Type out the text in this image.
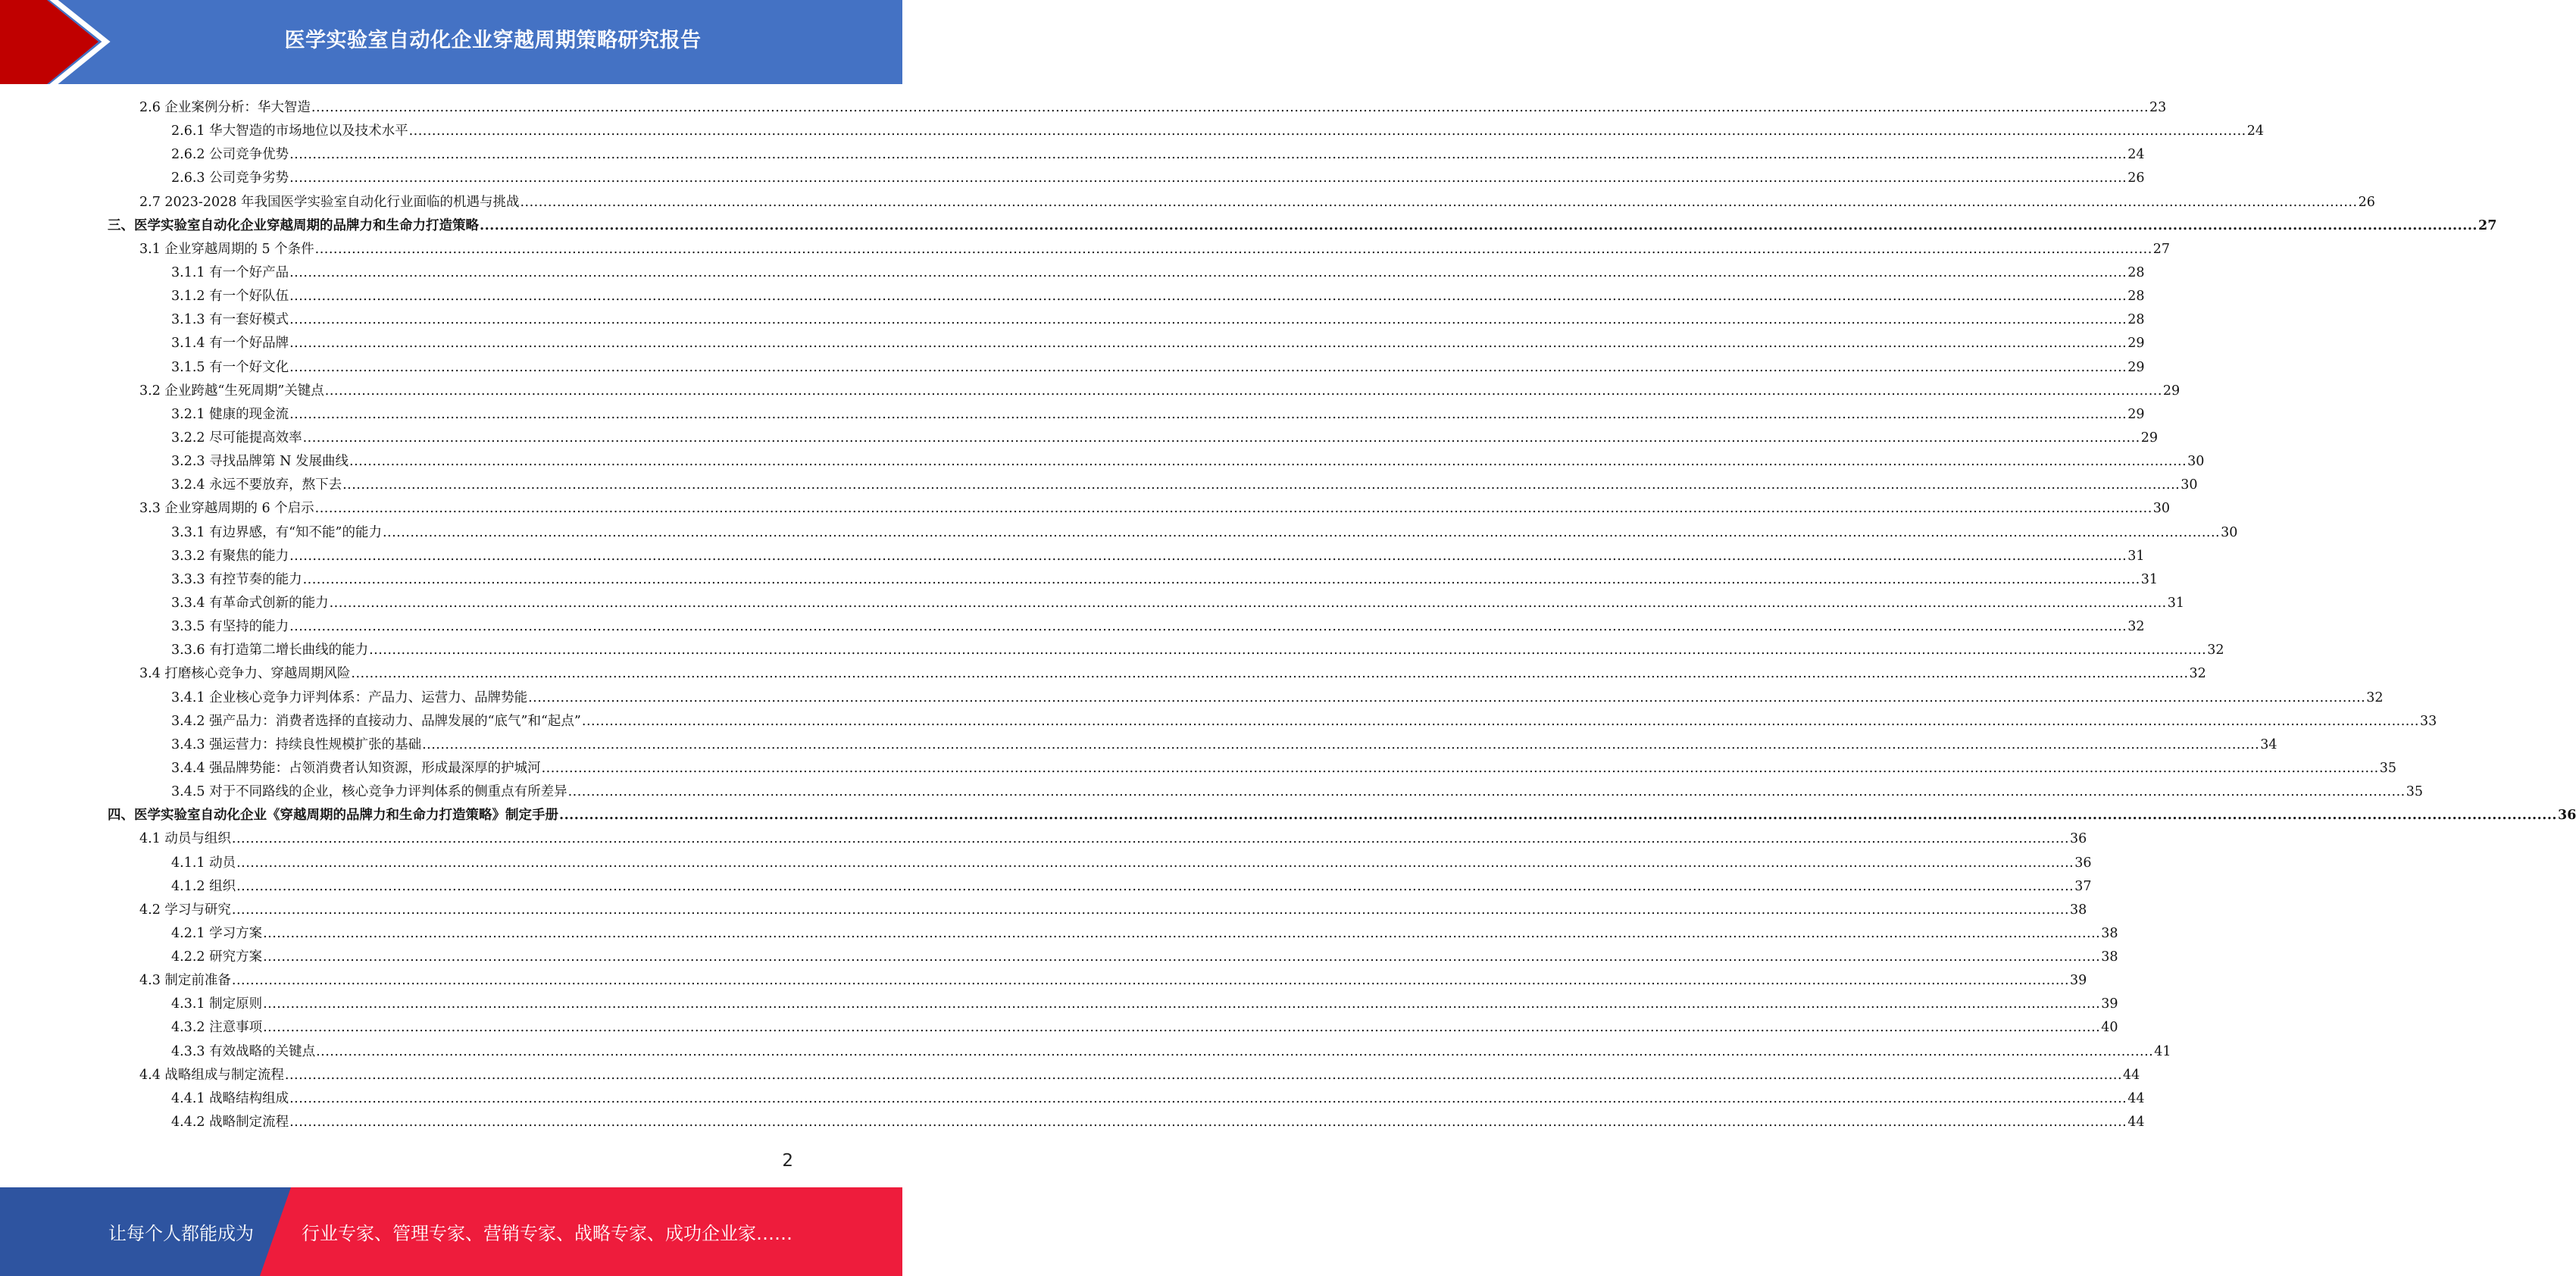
医学实验室自动化企业穿越周期策略研究报告
2.6 企业案例分析：华大智造 ................................................................................................................................................................................................................................................................................................................................................................................................................ 23
2.6.1 华大智造的市场地位以及技术水平 ................................................................................................................................................................................................................................................................................................................................................................................................................ 24
2.6.2 公司竞争优势 ................................................................................................................................................................................................................................................................................................................................................................................................................ 24
2.6.3 公司竞争劣势 ................................................................................................................................................................................................................................................................................................................................................................................................................ 26
2.7 2023-2028 年我国医学实验室自动化行业面临的机遇与挑战 ................................................................................................................................................................................................................................................................................................................................................................................................................ 26
三、医学实验室自动化企业穿越周期的品牌力和生命力打造策略 ................................................................................................................................................................................................................................................................................................................................................................................................................ 27
3.1 企业穿越周期的 5 个条件 ................................................................................................................................................................................................................................................................................................................................................................................................................ 27
3.1.1 有一个好产品 ................................................................................................................................................................................................................................................................................................................................................................................................................ 28
3.1.2 有一个好队伍 ................................................................................................................................................................................................................................................................................................................................................................................................................ 28
3.1.3 有一套好模式 ................................................................................................................................................................................................................................................................................................................................................................................................................ 28
3.1.4 有一个好品牌 ................................................................................................................................................................................................................................................................................................................................................................................................................ 29
3.1.5 有一个好文化 ................................................................................................................................................................................................................................................................................................................................................................................................................ 29
3.2 企业跨越“生死周期”关键点 ................................................................................................................................................................................................................................................................................................................................................................................................................ 29
3.2.1 健康的现金流 ................................................................................................................................................................................................................................................................................................................................................................................................................ 29
3.2.2 尽可能提高效率 ................................................................................................................................................................................................................................................................................................................................................................................................................ 29
3.2.3 寻找品牌第 N 发展曲线 ................................................................................................................................................................................................................................................................................................................................................................................................................ 30
3.2.4 永远不要放弃，熬下去 ................................................................................................................................................................................................................................................................................................................................................................................................................ 30
3.3 企业穿越周期的 6 个启示 ................................................................................................................................................................................................................................................................................................................................................................................................................ 30
3.3.1 有边界感，有“知不能”的能力 ................................................................................................................................................................................................................................................................................................................................................................................................................ 30
3.3.2 有聚焦的能力 ................................................................................................................................................................................................................................................................................................................................................................................................................ 31
3.3.3 有控节奏的能力 ................................................................................................................................................................................................................................................................................................................................................................................................................ 31
3.3.4 有革命式创新的能力 ................................................................................................................................................................................................................................................................................................................................................................................................................ 31
3.3.5 有坚持的能力 ................................................................................................................................................................................................................................................................................................................................................................................................................ 32
3.3.6 有打造第二增长曲线的能力 ................................................................................................................................................................................................................................................................................................................................................................................................................ 32
3.4 打磨核心竞争力、穿越周期风险 ................................................................................................................................................................................................................................................................................................................................................................................................................ 32
3.4.1 企业核心竞争力评判体系：产品力、运营力、品牌势能 ................................................................................................................................................................................................................................................................................................................................................................................................................ 32
3.4.2 强产品力：消费者选择的直接动力、品牌发展的“底气”和“起点” ................................................................................................................................................................................................................................................................................................................................................................................................................ 33
3.4.3 强运营力：持续良性规模扩张的基础 ................................................................................................................................................................................................................................................................................................................................................................................................................ 34
3.4.4 强品牌势能：占领消费者认知资源，形成最深厚的护城河 ................................................................................................................................................................................................................................................................................................................................................................................................................ 35
3.4.5 对于不同路线的企业，核心竞争力评判体系的侧重点有所差异 ................................................................................................................................................................................................................................................................................................................................................................................................................ 35
四、医学实验室自动化企业《穿越周期的品牌力和生命力打造策略》制定手册 ................................................................................................................................................................................................................................................................................................................................................................................................................ 36
4.1 动员与组织 ................................................................................................................................................................................................................................................................................................................................................................................................................ 36
4.1.1 动员 ................................................................................................................................................................................................................................................................................................................................................................................................................ 36
4.1.2 组织 ................................................................................................................................................................................................................................................................................................................................................................................................................ 37
4.2 学习与研究 ................................................................................................................................................................................................................................................................................................................................................................................................................ 38
4.2.1 学习方案 ................................................................................................................................................................................................................................................................................................................................................................................................................ 38
4.2.2 研究方案 ................................................................................................................................................................................................................................................................................................................................................................................................................ 38
4.3 制定前准备 ................................................................................................................................................................................................................................................................................................................................................................................................................ 39
4.3.1 制定原则 ................................................................................................................................................................................................................................................................................................................................................................................................................ 39
4.3.2 注意事项 ................................................................................................................................................................................................................................................................................................................................................................................................................ 40
4.3.3 有效战略的关键点 ................................................................................................................................................................................................................................................................................................................................................................................................................ 41
4.4 战略组成与制定流程 ................................................................................................................................................................................................................................................................................................................................................................................................................ 44
4.4.1 战略结构组成 ................................................................................................................................................................................................................................................................................................................................................................................................................ 44
4.4.2 战略制定流程 ................................................................................................................................................................................................................................................................................................................................................................................................................ 44
2
让每个人都能成为	行业专家、管理专家、营销专家、战略专家、成功企业家……
